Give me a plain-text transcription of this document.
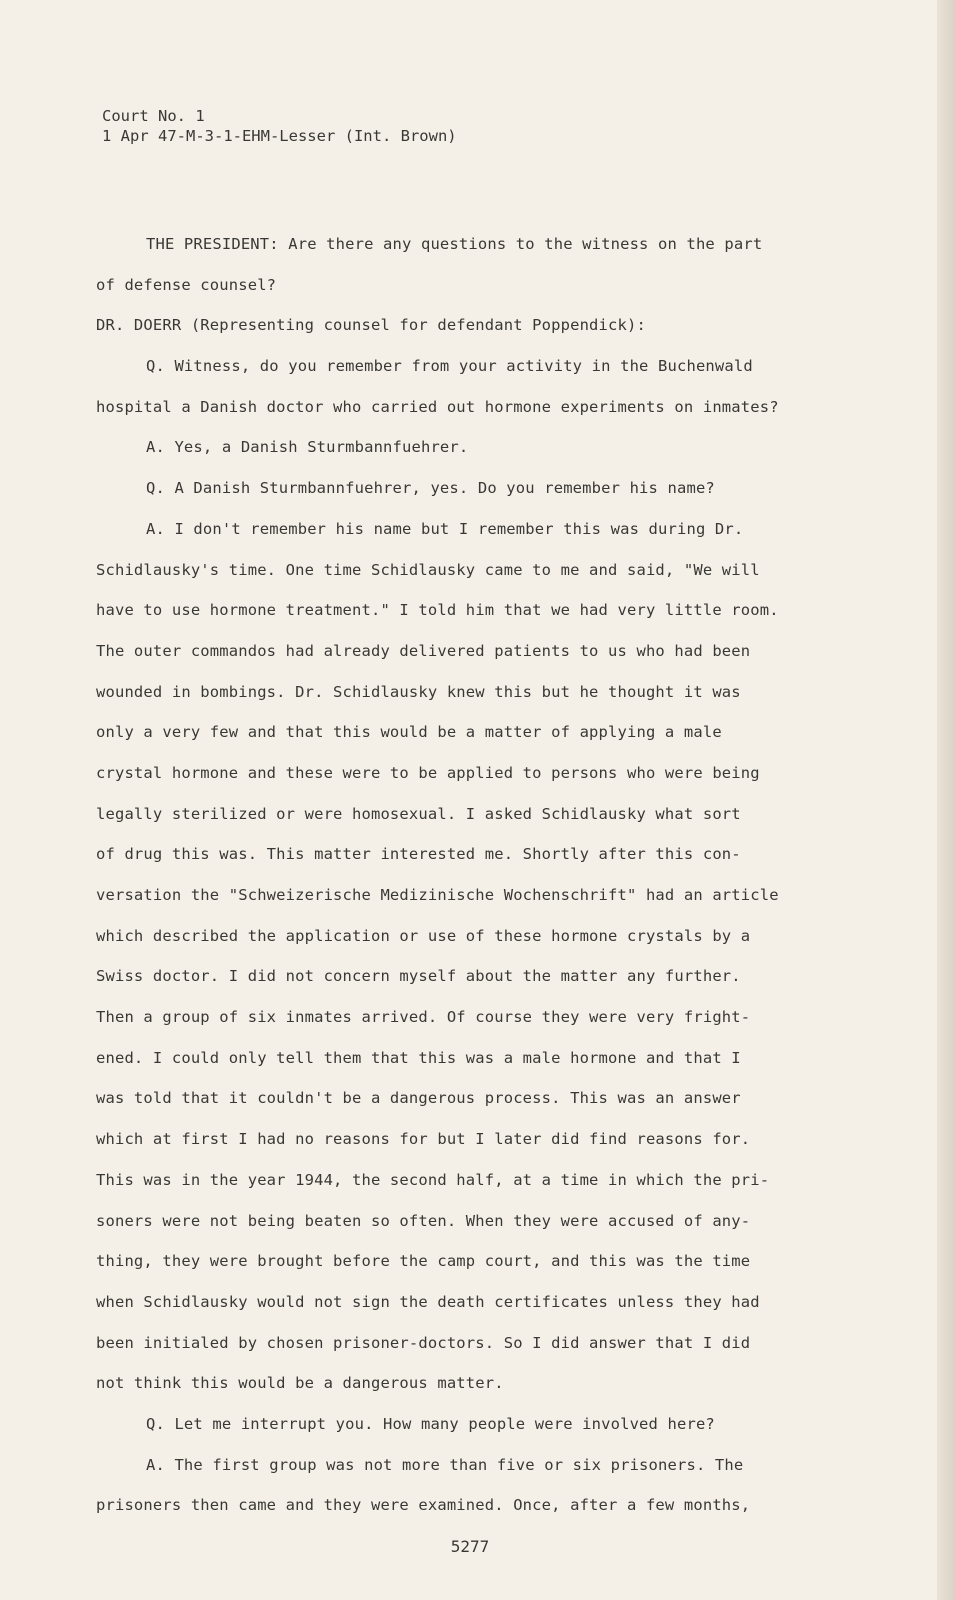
Court No. 1
1 Apr 47-M-3-1-EHM-Lesser (Int. Brown)
THE PRESIDENT: Are there any questions to the witness on the part
of defense counsel?
DR. DOERR (Representing counsel for defendant Poppendick):
Q. Witness, do you remember from your activity in the Buchenwald
hospital a Danish doctor who carried out hormone experiments on inmates?
A. Yes, a Danish Sturmbannfuehrer.
Q. A Danish Sturmbannfuehrer, yes. Do you remember his name?
A. I don't remember his name but I remember this was during Dr.
Schidlausky's time. One time Schidlausky came to me and said, "We will
have to use hormone treatment." I told him that we had very little room.
The outer commandos had already delivered patients to us who had been
wounded in bombings. Dr. Schidlausky knew this but he thought it was
only a very few and that this would be a matter of applying a male
crystal hormone and these were to be applied to persons who were being
legally sterilized or were homosexual. I asked Schidlausky what sort
of drug this was. This matter interested me. Shortly after this con-
versation the "Schweizerische Medizinische Wochenschrift" had an article
which described the application or use of these hormone crystals by a
Swiss doctor. I did not concern myself about the matter any further.
Then a group of six inmates arrived. Of course they were very fright-
ened. I could only tell them that this was a male hormone and that I
was told that it couldn't be a dangerous process. This was an answer
which at first I had no reasons for but I later did find reasons for.
This was in the year 1944, the second half, at a time in which the pri-
soners were not being beaten so often. When they were accused of any-
thing, they were brought before the camp court, and this was the time
when Schidlausky would not sign the death certificates unless they had
been initialed by chosen prisoner-doctors. So I did answer that I did
not think this would be a dangerous matter.
Q. Let me interrupt you. How many people were involved here?
A. The first group was not more than five or six prisoners. The
prisoners then came and they were examined. Once, after a few months,
5277
